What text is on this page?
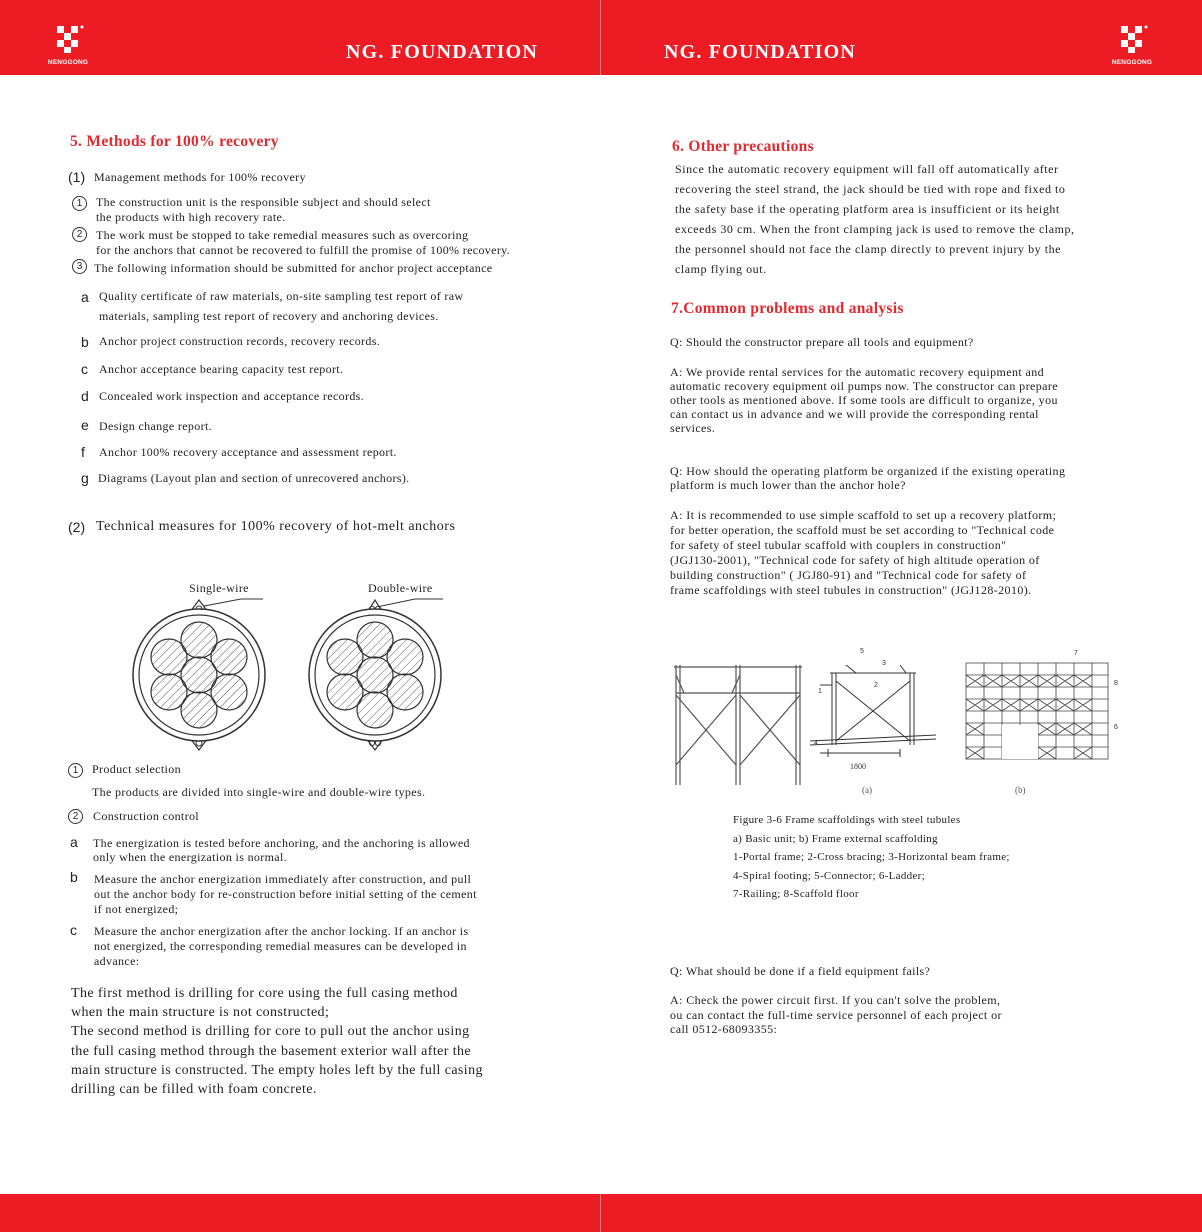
NENGGONG	NG. FOUNDATION	NG. FOUNDATION	NENGGONG
5. Methods for 100% recovery
(1) Management methods for 100% recovery
1	The construction unit is the responsible subject and should select
the products with high recovery rate.
2	The work must be stopped to take remedial measures such as overcoring
for the anchors that cannot be recovered to fulfill the promise of 100% recovery.
3 The following information should be submitted for anchor project acceptance
a Quality certificate of raw materials, on-site sampling test report of raw
materials, sampling test report of recovery and anchoring devices.
b Anchor project construction records, recovery records.
c Anchor acceptance bearing capacity test report.
d Concealed work inspection and acceptance records.
e Design change report.
f Anchor 100% recovery acceptance and assessment report.
g Diagrams (Layout plan and section of unrecovered anchors).
(2) Technical measures for 100% recovery of hot-melt anchors
Single-wire	Double-wire
1	Product selection
The products are divided into single-wire and double-wire types.
2	Construction control
a The energization is tested before anchoring, and the anchoring is allowed
only when the energization is normal.
b Measure the anchor energization immediately after construction, and pull
out the anchor body for re-construction before initial setting of the cement
if not energized;
c Measure the anchor energization after the anchor locking. If an anchor is
not energized, the corresponding remedial measures can be developed in
advance:
The first method is drilling for core using the full casing method
when the main structure is not constructed;
The second method is drilling for core to pull out the anchor using
the full casing method through the basement exterior wall after the
main structure is constructed. The empty holes left by the full casing
drilling can be filled with foam concrete.
6. Other precautions
Since the automatic recovery equipment will fall off automatically after
recovering the steel strand, the jack should be tied with rope and fixed to
the safety base if the operating platform area is insufficient or its height
exceeds 30 cm. When the front clamping jack is used to remove the clamp,
the personnel should not face the clamp directly to prevent injury by the
clamp flying out.
7.Common problems and analysis
Q: Should the constructor prepare all tools and equipment?
A: We provide rental services for the automatic recovery equipment and
automatic recovery equipment oil pumps now. The constructor can prepare
other tools as mentioned above. If some tools are difficult to organize, you
can contact us in advance and we will provide the corresponding rental
services.
Q: How should the operating platform be organized if the existing operating
platform is much lower than the anchor hole?
A: It is recommended to use simple scaffold to set up a recovery platform;
for better operation, the scaffold must be set according to "Technical code
for safety of steel tubular scaffold with couplers in construction"
(JGJ130-2001), "Technical code for safety of high altitude operation of
building construction" ( JGJ80-91) and "Technical code for safety of
frame scaffoldings with steel tubules in construction" (JGJ128-2010).
1800
(a)
1
2
3
4
5
(b)
7
8
6
Figure 3-6 Frame scaffoldings with steel tubules
a) Basic unit; b) Frame external scaffolding
1-Portal frame; 2-Cross bracing; 3-Horizontal beam frame;
4-Spiral footing; 5-Connector; 6-Ladder;
7-Railing; 8-Scaffold floor
Q: What should be done if a field equipment fails?
A: Check the power circuit first. If you can't solve the problem,
ou can contact the full-time service personnel of each project or
call 0512-68093355:
